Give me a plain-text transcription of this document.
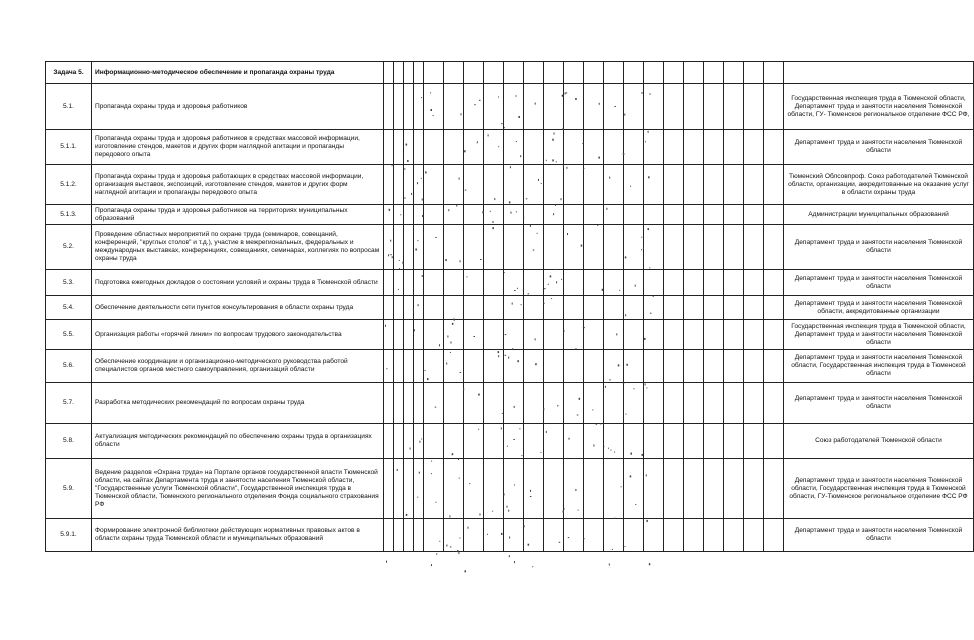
Задача 5.	Информационно-методическое обеспечение и пропаганда охраны труда																							
5.1.	Пропаганда охраны труда и здоровья работников																							Государственная инспекция труда в Тюменской области, Департамент труда и занятости населения Тюменской области, ГУ- Тюменское региональное отделение ФСС РФ,
5.1.1.	Пропаганда охраны труда и здоровья работников в средствах массовой информации, изготовление стендов, макетов и других форм наглядной агитации и пропаганды передового опыта																							Департамент труда и занятости населения Тюменской области
5.1.2.	Пропаганда охраны труда и здоровья работающих в средствах массовой информации, организация выставок, экспозиций, изготовление стендов, макетов и других форм наглядной агитации и пропаганды передового опыта																							Тюменский Облсовпроф. Союз работодателей Тюменской области, организации, аккредитованные на оказание услуг в области охраны труда
5.1.3.	Пропаганда охраны труда и здоровья работников на территориях муниципальных образований																							Администрации муниципальных образований
5.2.	Проведение областных мероприятий по охране труда (семинаров, совещаний, конференций, "круглых столов" и т.д.), участие в межрегиональных, федеральных и международных выставках, конференциях, совещаниях, семинарах, коллегиях по вопросам охраны труда																							Департамент труда и занятости населения Тюменской области
5.3.	Подготовка ежегодных докладов о состоянии условий и охраны труда в Тюменской области																							Департамент труда и занятости населения Тюменской области
5.4.	Обеспечение деятельности сети пунктов консультирования в области охраны труда																							Департамент труда и занятости населения Тюменской области, аккредитованные организации
5.5.	Организация работы «горячей линии» по вопросам трудового законодательства																							Государственная инспекция труда в Тюменской области, Департамент труда и занятости населения Тюменской области
5.6.	Обеспечение координации и организационно-методического руководства работой специалистов органов местного самоуправления, организаций области																							Департамент труда и занятости населения Тюменской области, Государственная инспекция труда в Тюменской области
5.7.	Разработка методических рекомендаций по вопросам охраны труда																							Департамент труда и занятости населения Тюменской области
5.8.	Актуализация методических рекомендаций по обеспечению охраны труда в организациях области																							Союз работодателей Тюменской области
5.9.	Ведение разделов «Охрана труда» на Портале органов государственной власти Тюменской области, на сайтах Департамента труда и занятости населения Тюменской области, "Государственные услуги Тюменской области", Государственной инспекция труда в Тюменской области, Тюменского регионального отделения Фонда социального страхования РФ																							Департамент труда и занятости населения Тюменской области, Государственная инспекция труда в Тюменской области, ГУ-Тюменское региональное отделение ФСС РФ
5.9.1.	Формирование электронной библиотеки действующих нормативных правовых актов в области охраны труда Тюменской области и муниципальных образований																							Департамент труда и занятости населения Тюменской области
